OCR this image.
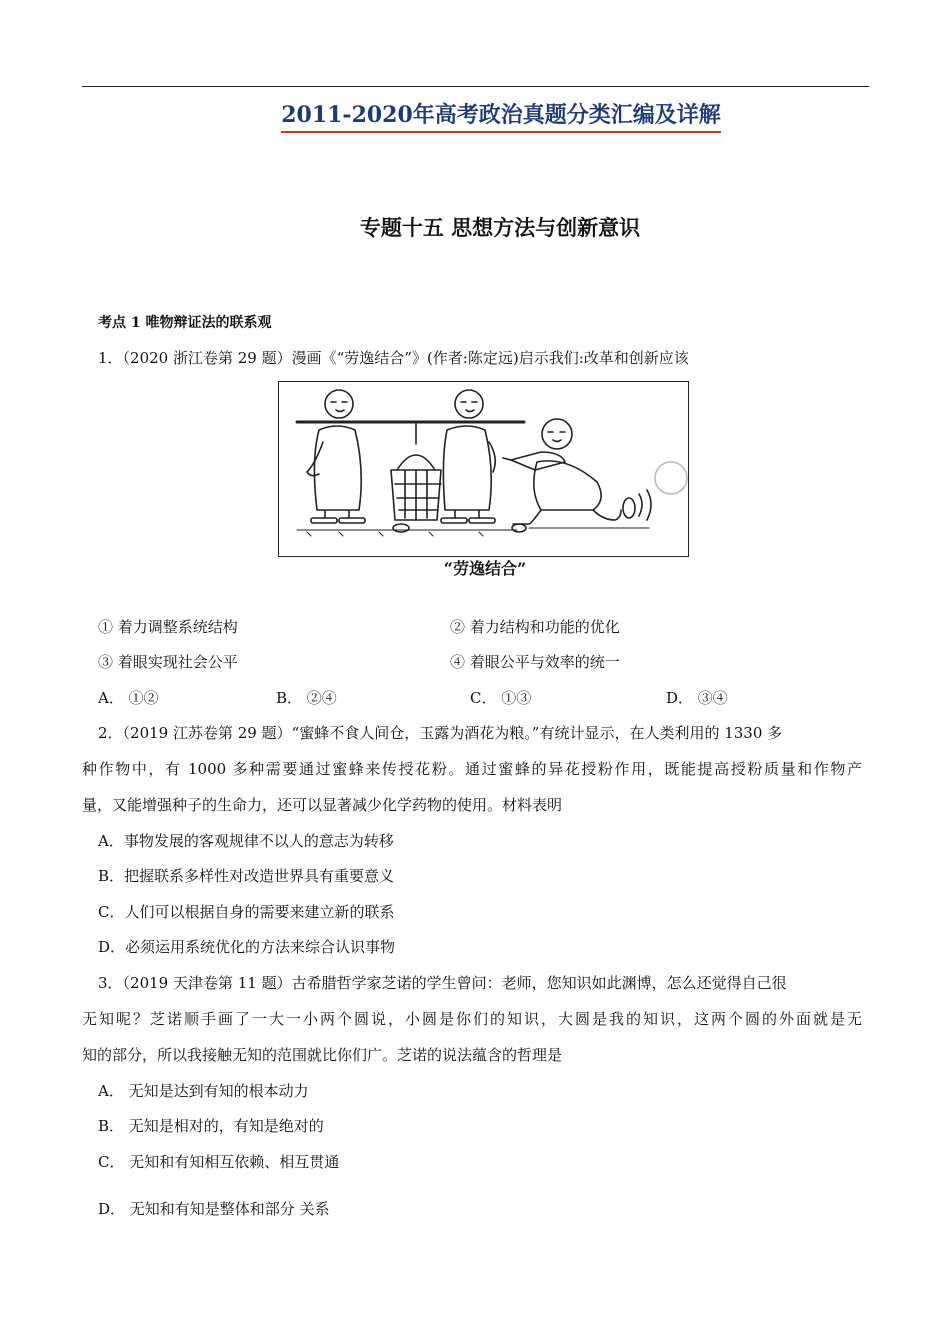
2011-2020年高考政治真题分类汇编及详解
专题十五 思想方法与创新意识
考点 1 唯物辩证法的联系观
1．（2020 浙江卷第 29 题）漫画《“劳逸结合”》(作者:陈定远)启示我们:改革和创新应该
“劳逸结合”
① 着力调整系统结构	② 着力结构和功能的优化
③ 着眼实现社会公平	④ 着眼公平与效率的统一
A． ①②	B． ②④	C． ①③	D． ③④
2．（2019 江苏卷第 29 题）“蜜蜂不食人间仓，玉露为酒花为粮。”有统计显示，在人类利用的 1330 多
种作物中，有 1000 多种需要通过蜜蜂来传授花粉。通过蜜蜂的异花授粉作用，既能提高授粉质量和作物产
量，又能增强种子的生命力，还可以显著减少化学药物的使用。材料表明
A．事物发展的客观规律不以人的意志为转移
B．把握联系多样性对改造世界具有重要意义
C．人们可以根据自身的需要来建立新的联系
D．必须运用系统优化的方法来综合认识事物
3．（2019 天津卷第 11 题）古希腊哲学家芝诺的学生曾问：老师，您知识如此渊博，怎么还觉得自己很
无知呢？芝诺顺手画了一大一小两个圆说，小圆是你们的知识，大圆是我的知识，这两个圆的外面就是无
知的部分，所以我接触无知的范围就比你们广。芝诺的说法蕴含的哲理是
A． 无知是达到有知的根本动力
B． 无知是相对的，有知是绝对的
C． 无知和有知相互依赖、相互贯通
D． 无知和有知是整体和部分 关系
